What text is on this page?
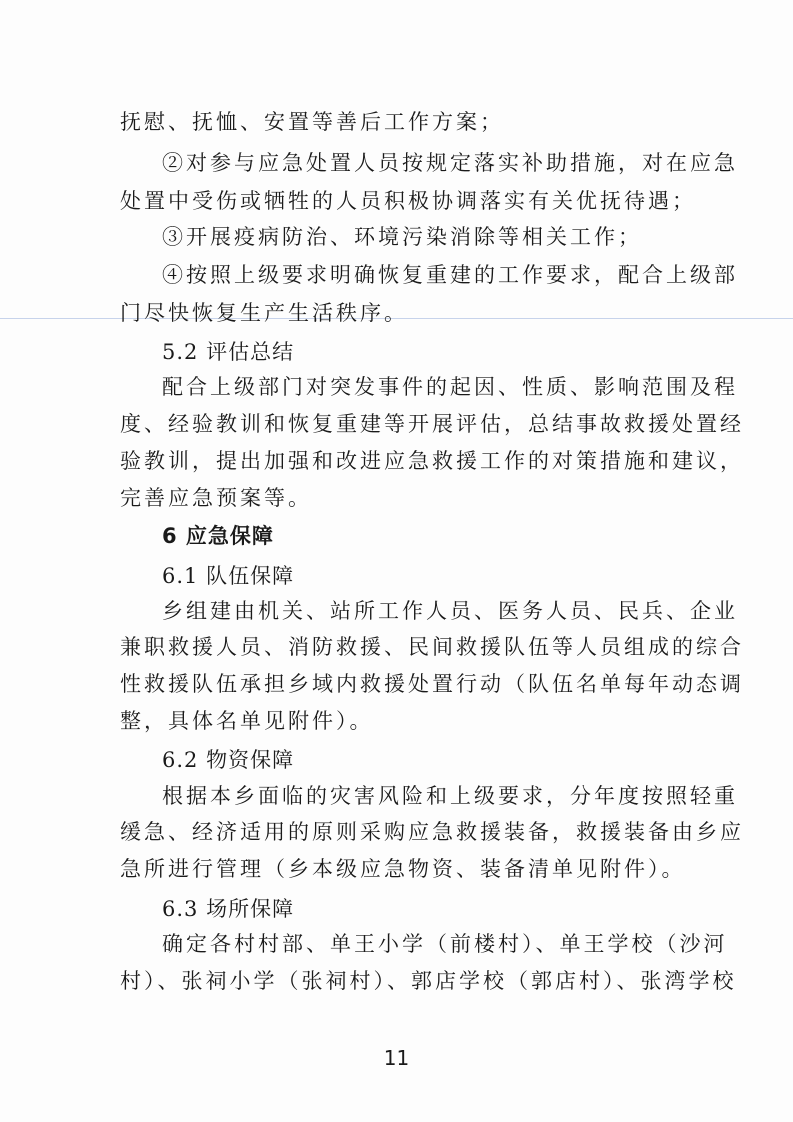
抚慰、抚恤、安置等善后工作方案；
②对参与应急处置人员按规定落实补助措施，对在应急
处置中受伤或牺牲的人员积极协调落实有关优抚待遇；
③开展疫病防治、环境污染消除等相关工作；
④按照上级要求明确恢复重建的工作要求，配合上级部
门尽快恢复生产生活秩序。
5.2 评估总结
配合上级部门对突发事件的起因、性质、影响范围及程
度、经验教训和恢复重建等开展评估，总结事故救援处置经
验教训，提出加强和改进应急救援工作的对策措施和建议，
完善应急预案等。
6 应急保障
6.1 队伍保障
乡组建由机关、站所工作人员、医务人员、民兵、企业
兼职救援人员、消防救援、民间救援队伍等人员组成的综合
性救援队伍承担乡域内救援处置行动（队伍名单每年动态调
整，具体名单见附件）。
6.2 物资保障
根据本乡面临的灾害风险和上级要求，分年度按照轻重
缓急、经济适用的原则采购应急救援装备，救援装备由乡应
急所进行管理（乡本级应急物资、装备清单见附件）。
6.3 场所保障
确定各村村部、单王小学（前楼村）、单王学校（沙河
村）、张祠小学（张祠村）、郭店学校（郭店村）、张湾学校
11
